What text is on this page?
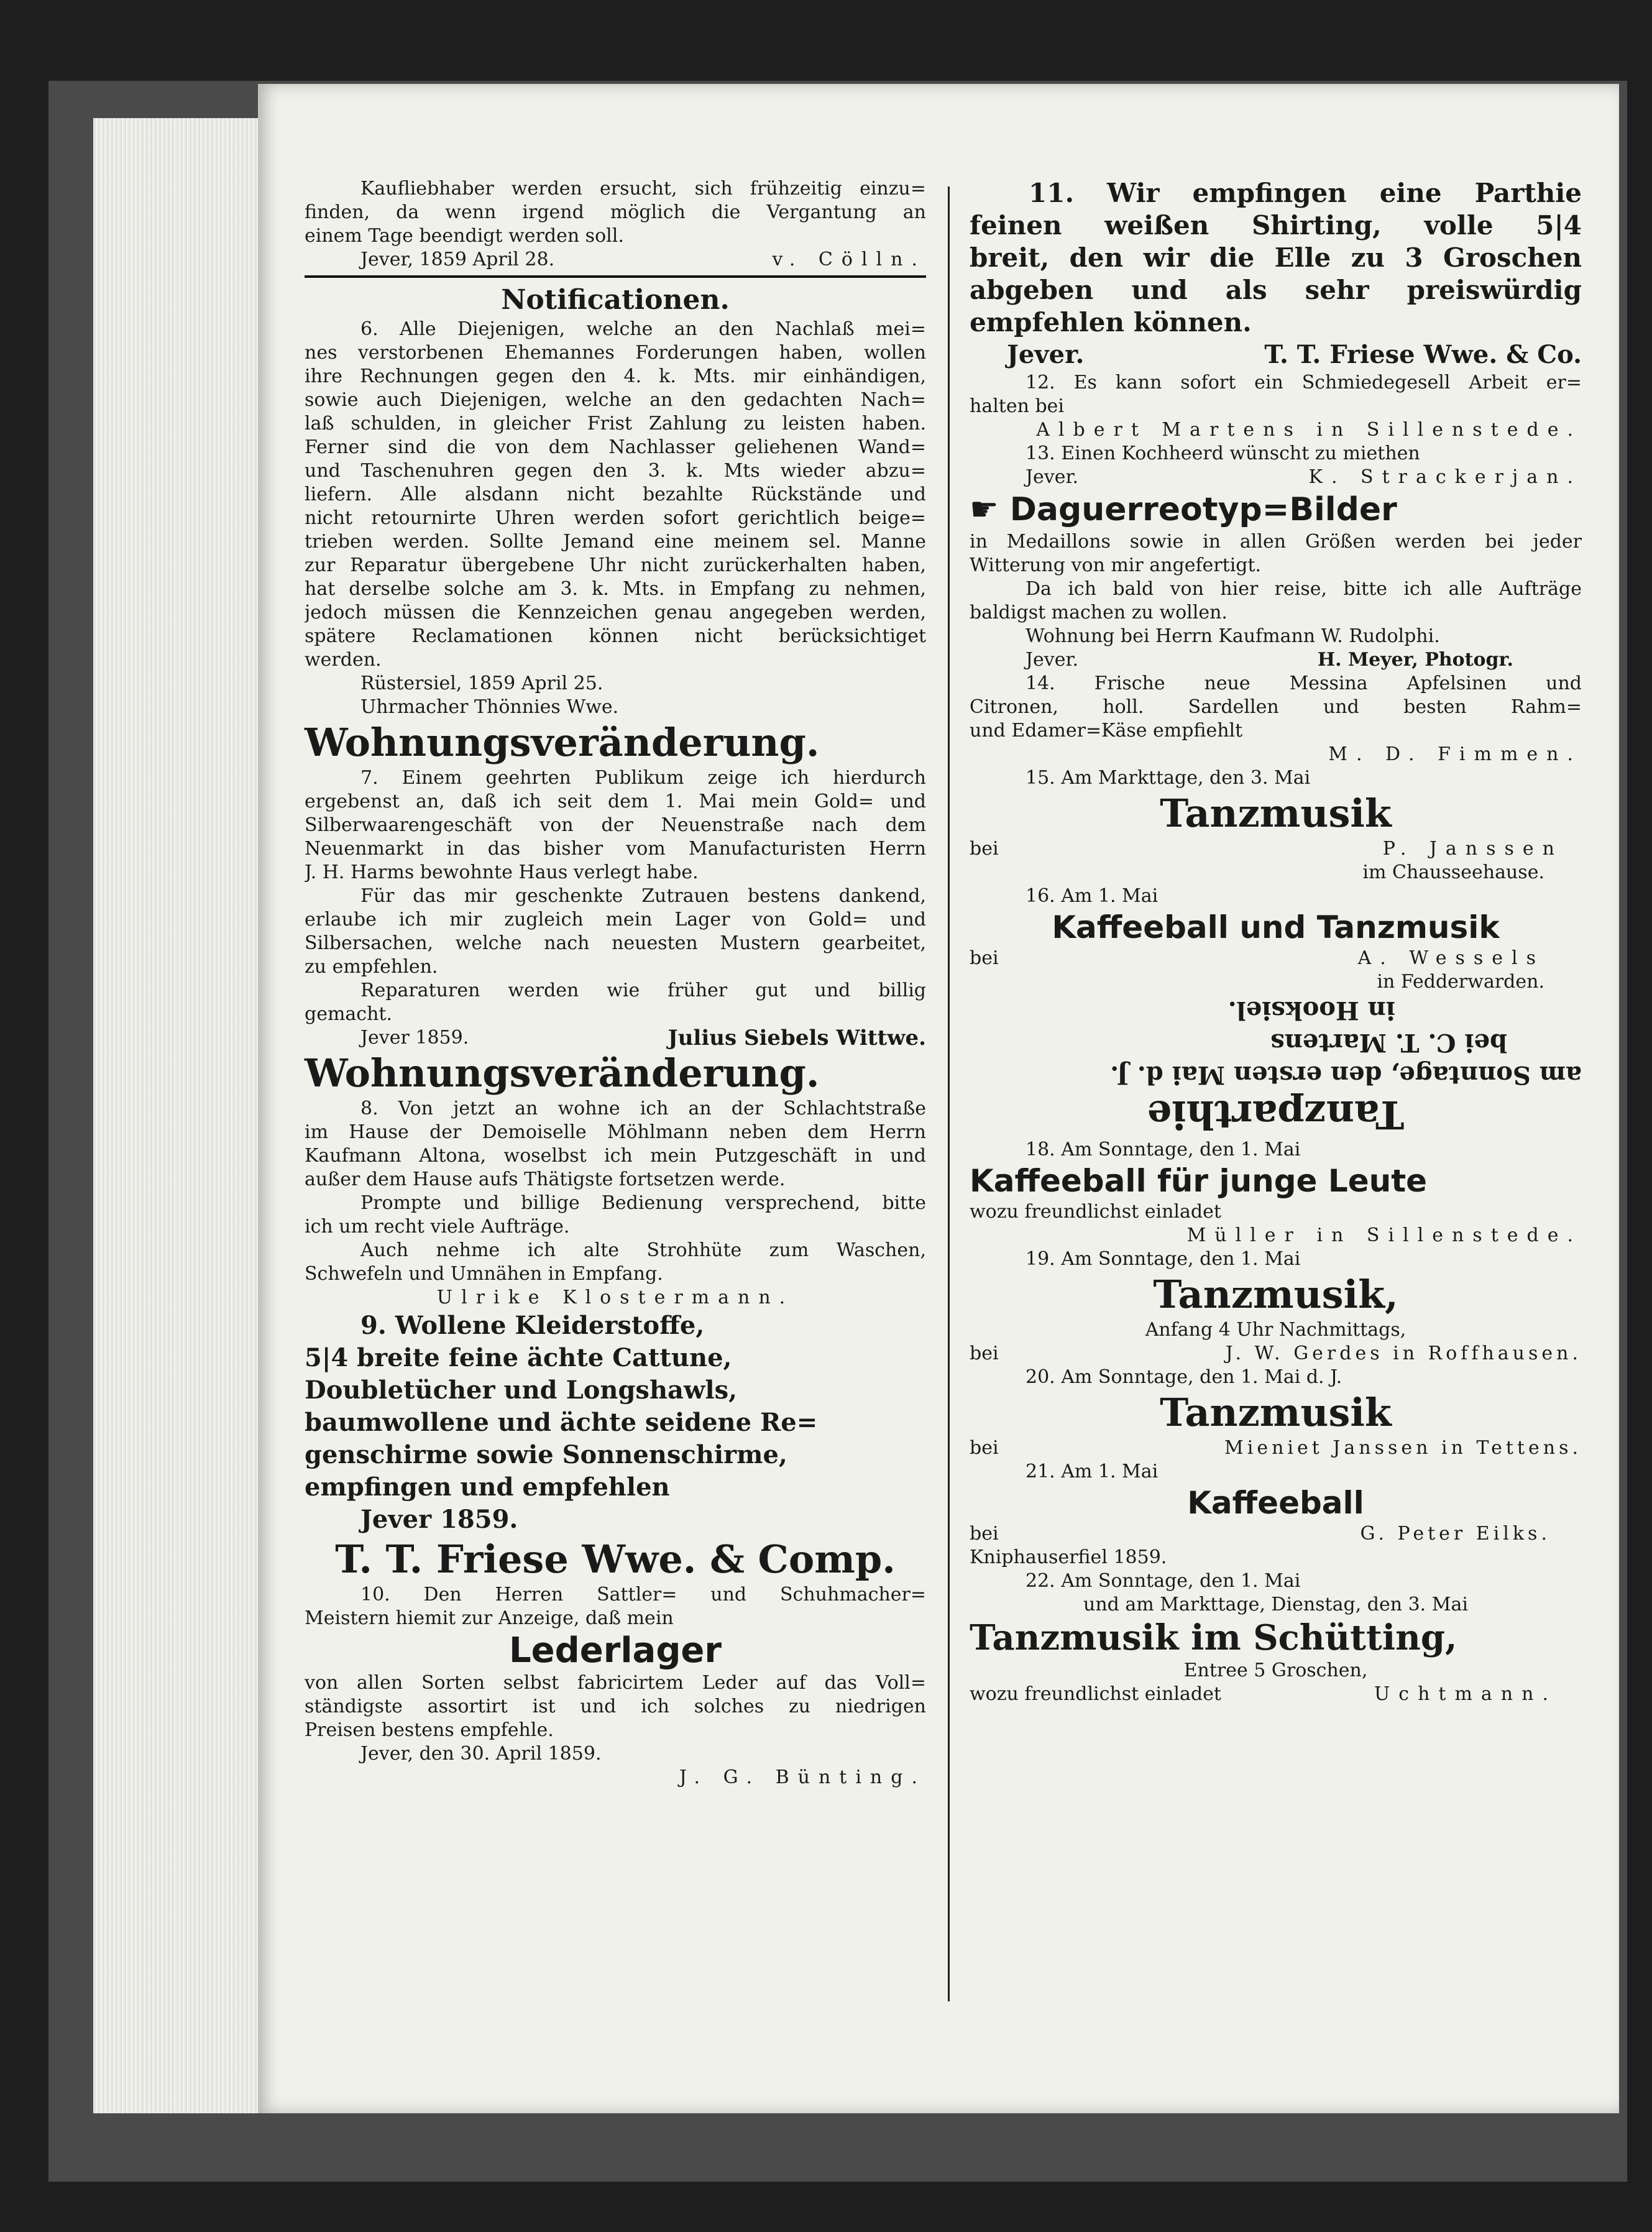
Kaufliebhaber werden ersucht, sich frühzeitig einzu=
finden, da wenn irgend möglich die Vergantung an
einem Tage beendigt werden soll.
Jever, 1859 April 28.	v. Cölln.
Notificationen.
6. Alle Diejenigen, welche an den Nachlaß mei=
nes verstorbenen Ehemannes Forderungen haben, wollen
ihre Rechnungen gegen den 4. k. Mts. mir einhändigen,
sowie auch Diejenigen, welche an den gedachten Nach=
laß schulden, in gleicher Frist Zahlung zu leisten haben.
Ferner sind die von dem Nachlasser geliehenen Wand=
und Taschenuhren gegen den 3. k. Mts wieder abzu=
liefern. Alle alsdann nicht bezahlte Rückstände und
nicht retournirte Uhren werden sofort gerichtlich beige=
trieben werden. Sollte Jemand eine meinem sel. Manne
zur Reparatur übergebene Uhr nicht zurückerhalten haben,
hat derselbe solche am 3. k. Mts. in Empfang zu nehmen,
jedoch müssen die Kennzeichen genau angegeben werden,
spätere Reclamationen können nicht berücksichtiget
werden.
Rüstersiel, 1859 April 25.
Uhrmacher Thönnies Wwe.
Wohnungsveränderung.
7. Einem geehrten Publikum zeige ich hierdurch
ergebenst an, daß ich seit dem 1. Mai mein Gold= und
Silberwaarengeschäft von der Neuenstraße nach dem
Neuenmarkt in das bisher vom Manufacturisten Herrn
J. H. Harms bewohnte Haus verlegt habe.
Für das mir geschenkte Zutrauen bestens dankend,
erlaube ich mir zugleich mein Lager von Gold= und
Silbersachen, welche nach neuesten Mustern gearbeitet,
zu empfehlen.
Reparaturen werden wie früher gut und billig
gemacht.
Jever 1859.	Julius Siebels Wittwe.
Wohnungsveränderung.
8. Von jetzt an wohne ich an der Schlachtstraße
im Hause der Demoiselle Möhlmann neben dem Herrn
Kaufmann Altona, woselbst ich mein Putzgeschäft in und
außer dem Hause aufs Thätigste fortsetzen werde.
Prompte und billige Bedienung versprechend, bitte
ich um recht viele Aufträge.
Auch nehme ich alte Strohhüte zum Waschen,
Schwefeln und Umnähen in Empfang.
Ulrike Klostermann.
9. Wollene Kleiderstoffe,
5|4 breite feine ächte Cattune,
Doubletücher und Longshawls,
baumwollene und ächte seidene Re=
genschirme sowie Sonnenschirme,
empfingen und empfehlen
Jever 1859.
T. T. Friese Wwe. & Comp.
10. Den Herren Sattler= und Schuhmacher=
Meistern hiemit zur Anzeige, daß mein
Lederlager
von allen Sorten selbst fabricirtem Leder auf das Voll=
ständigste assortirt ist und ich solches zu niedrigen
Preisen bestens empfehle.
Jever, den 30. April 1859.
J. G. Bünting.
11. Wir empfingen eine Parthie
feinen weißen Shirting, volle 5|4
breit, den wir die Elle zu 3 Groschen
abgeben und als sehr preiswürdig
empfehlen können.
Jever.	T. T. Friese Wwe. & Co.
12. Es kann sofort ein Schmiedegesell Arbeit er=
halten bei
Albert Martens in Sillenstede.
13. Einen Kochheerd wünscht zu miethen
Jever.	K. Strackerjan.
☛ Daguerreotyp=Bilder
in Medaillons sowie in allen Größen werden bei jeder
Witterung von mir angefertigt.
Da ich bald von hier reise, bitte ich alle Aufträge
baldigst machen zu wollen.
Wohnung bei Herrn Kaufmann W. Rudolphi.
Jever.	H. Meyer, Photogr.
14. Frische neue Messina Apfelsinen und
Citronen, holl. Sardellen und besten Rahm=
und Edamer=Käse empfiehlt
M. D. Fimmen.
15. Am Markttage, den 3. Mai
Tanzmusik
bei	P. Janssen
im Chausseehause.
16. Am 1. Mai
Kaffeeball und Tanzmusik
bei	A. Wessels
in Fedderwarden.
Tanzparthie
am Sonntage, den ersten Mai d. J.
bei C. T. Martens
in Hooksiel.
18. Am Sonntage, den 1. Mai
Kaffeeball für junge Leute
wozu freundlichst einladet
Müller in Sillenstede.
19. Am Sonntage, den 1. Mai
Tanzmusik,
Anfang 4 Uhr Nachmittags,
bei	J. W. Gerdes in Roffhausen.
20. Am Sonntage, den 1. Mai d. J.
Tanzmusik
bei	Mieniet Janssen in Tettens.
21. Am 1. Mai
Kaffeeball
bei	G. Peter Eilks.
Kniphauserfiel 1859.
22. Am Sonntage, den 1. Mai
und am Markttage, Dienstag, den 3. Mai
Tanzmusik im Schütting,
Entree 5 Groschen,
wozu freundlichst einladet	Uchtmann.
